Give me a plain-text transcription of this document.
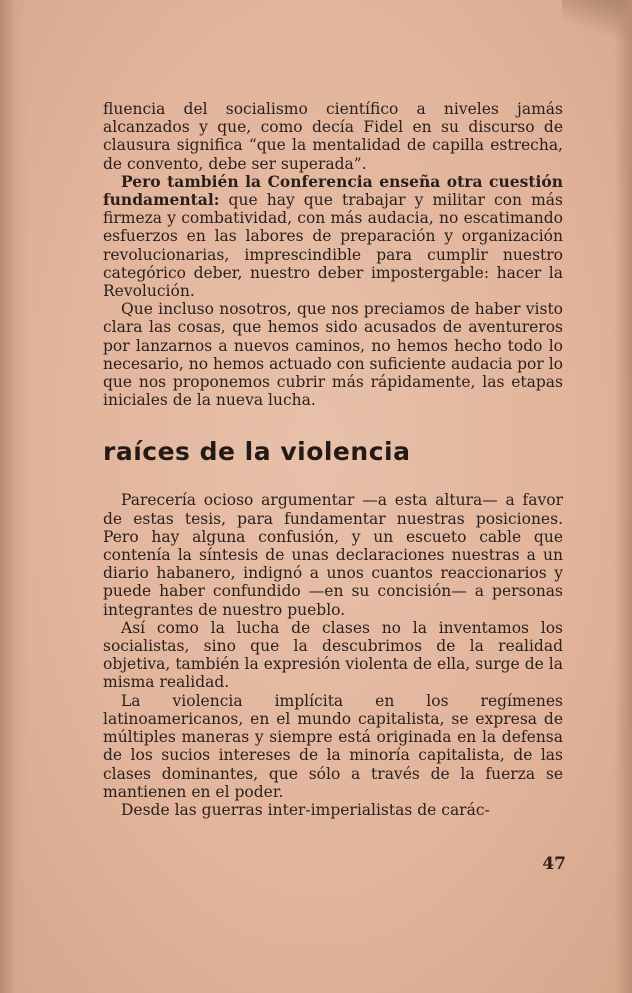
fluencia del socialismo científico a niveles jamás alcanzados y que, como decía Fidel en su discurso de clausura significa “que la mentalidad de capilla estrecha, de convento, debe ser superada”.

Pero también la Conferencia enseña otra cuestión fundamental: que hay que trabajar y militar con más firmeza y combatividad, con más audacia, no escatimando esfuerzos en las labores de preparación y organización revolucionarias, imprescindible para cumplir nuestro categórico deber, nuestro deber impostergable: hacer la Revolución.

Que incluso nosotros, que nos preciamos de haber visto clara las cosas, que hemos sido acusados de aventureros por lanzarnos a nuevos caminos, no hemos hecho todo lo necesario, no hemos actuado con suficiente audacia por lo que nos proponemos cubrir más rápidamente, las etapas iniciales de la nueva lucha.

raíces de la violencia

Parecería ocioso argumentar —a esta altura— a favor de estas tesis, para fundamentar nuestras posiciones. Pero hay alguna confusión, y un escueto cable que contenía la síntesis de unas declaraciones nuestras a un diario habanero, indignó a unos cuantos reaccionarios y puede haber confundido —en su concisión— a personas integrantes de nuestro pueblo.

Así como la lucha de clases no la inventamos los socialistas, sino que la descubrimos de la realidad objetiva, también la expresión violenta de ella, surge de la misma realidad.

La violencia implícita en los regímenes latinoamericanos, en el mundo capitalista, se expresa de múltiples maneras y siempre está originada en la defensa de los sucios intereses de la minoría capitalista, de las clases dominantes, que sólo a través de la fuerza se mantienen en el poder.

Desde las guerras inter-imperialistas de carác-

47
